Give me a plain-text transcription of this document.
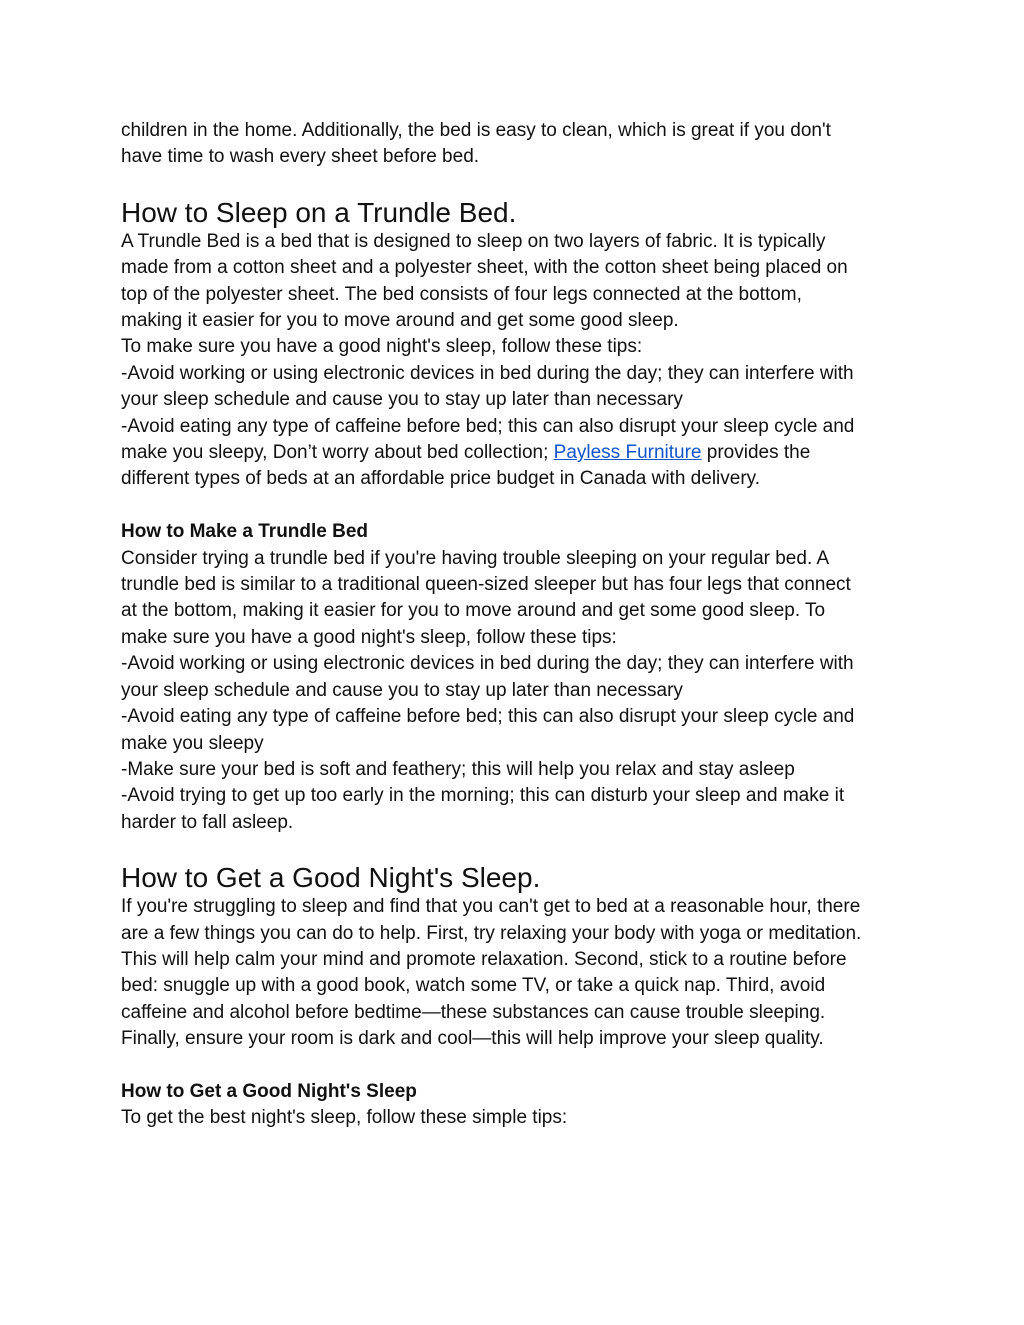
children in the home. Additionally, the bed is easy to clean, which is great if you don't
have time to wash every sheet before bed.

How to Sleep on a Trundle Bed.

A Trundle Bed is a bed that is designed to sleep on two layers of fabric. It is typically
made from a cotton sheet and a polyester sheet, with the cotton sheet being placed on
top of the polyester sheet. The bed consists of four legs connected at the bottom,
making it easier for you to move around and get some good sleep.
To make sure you have a good night's sleep, follow these tips:
-Avoid working or using electronic devices in bed during the day; they can interfere with
your sleep schedule and cause you to stay up later than necessary
-Avoid eating any type of caffeine before bed; this can also disrupt your sleep cycle and
make you sleepy, Don’t worry about bed collection; Payless Furniture provides the
different types of beds at an affordable price budget in Canada with delivery.

How to Make a Trundle Bed

Consider trying a trundle bed if you're having trouble sleeping on your regular bed. A
trundle bed is similar to a traditional queen-sized sleeper but has four legs that connect
at the bottom, making it easier for you to move around and get some good sleep. To
make sure you have a good night's sleep, follow these tips:
-Avoid working or using electronic devices in bed during the day; they can interfere with
your sleep schedule and cause you to stay up later than necessary
-Avoid eating any type of caffeine before bed; this can also disrupt your sleep cycle and
make you sleepy
-Make sure your bed is soft and feathery; this will help you relax and stay asleep
-Avoid trying to get up too early in the morning; this can disturb your sleep and make it
harder to fall asleep.

How to Get a Good Night's Sleep.

If you're struggling to sleep and find that you can't get to bed at a reasonable hour, there
are a few things you can do to help. First, try relaxing your body with yoga or meditation.
This will help calm your mind and promote relaxation. Second, stick to a routine before
bed: snuggle up with a good book, watch some TV, or take a quick nap. Third, avoid
caffeine and alcohol before bedtime—these substances can cause trouble sleeping.
Finally, ensure your room is dark and cool—this will help improve your sleep quality.

How to Get a Good Night's Sleep

To get the best night's sleep, follow these simple tips:
